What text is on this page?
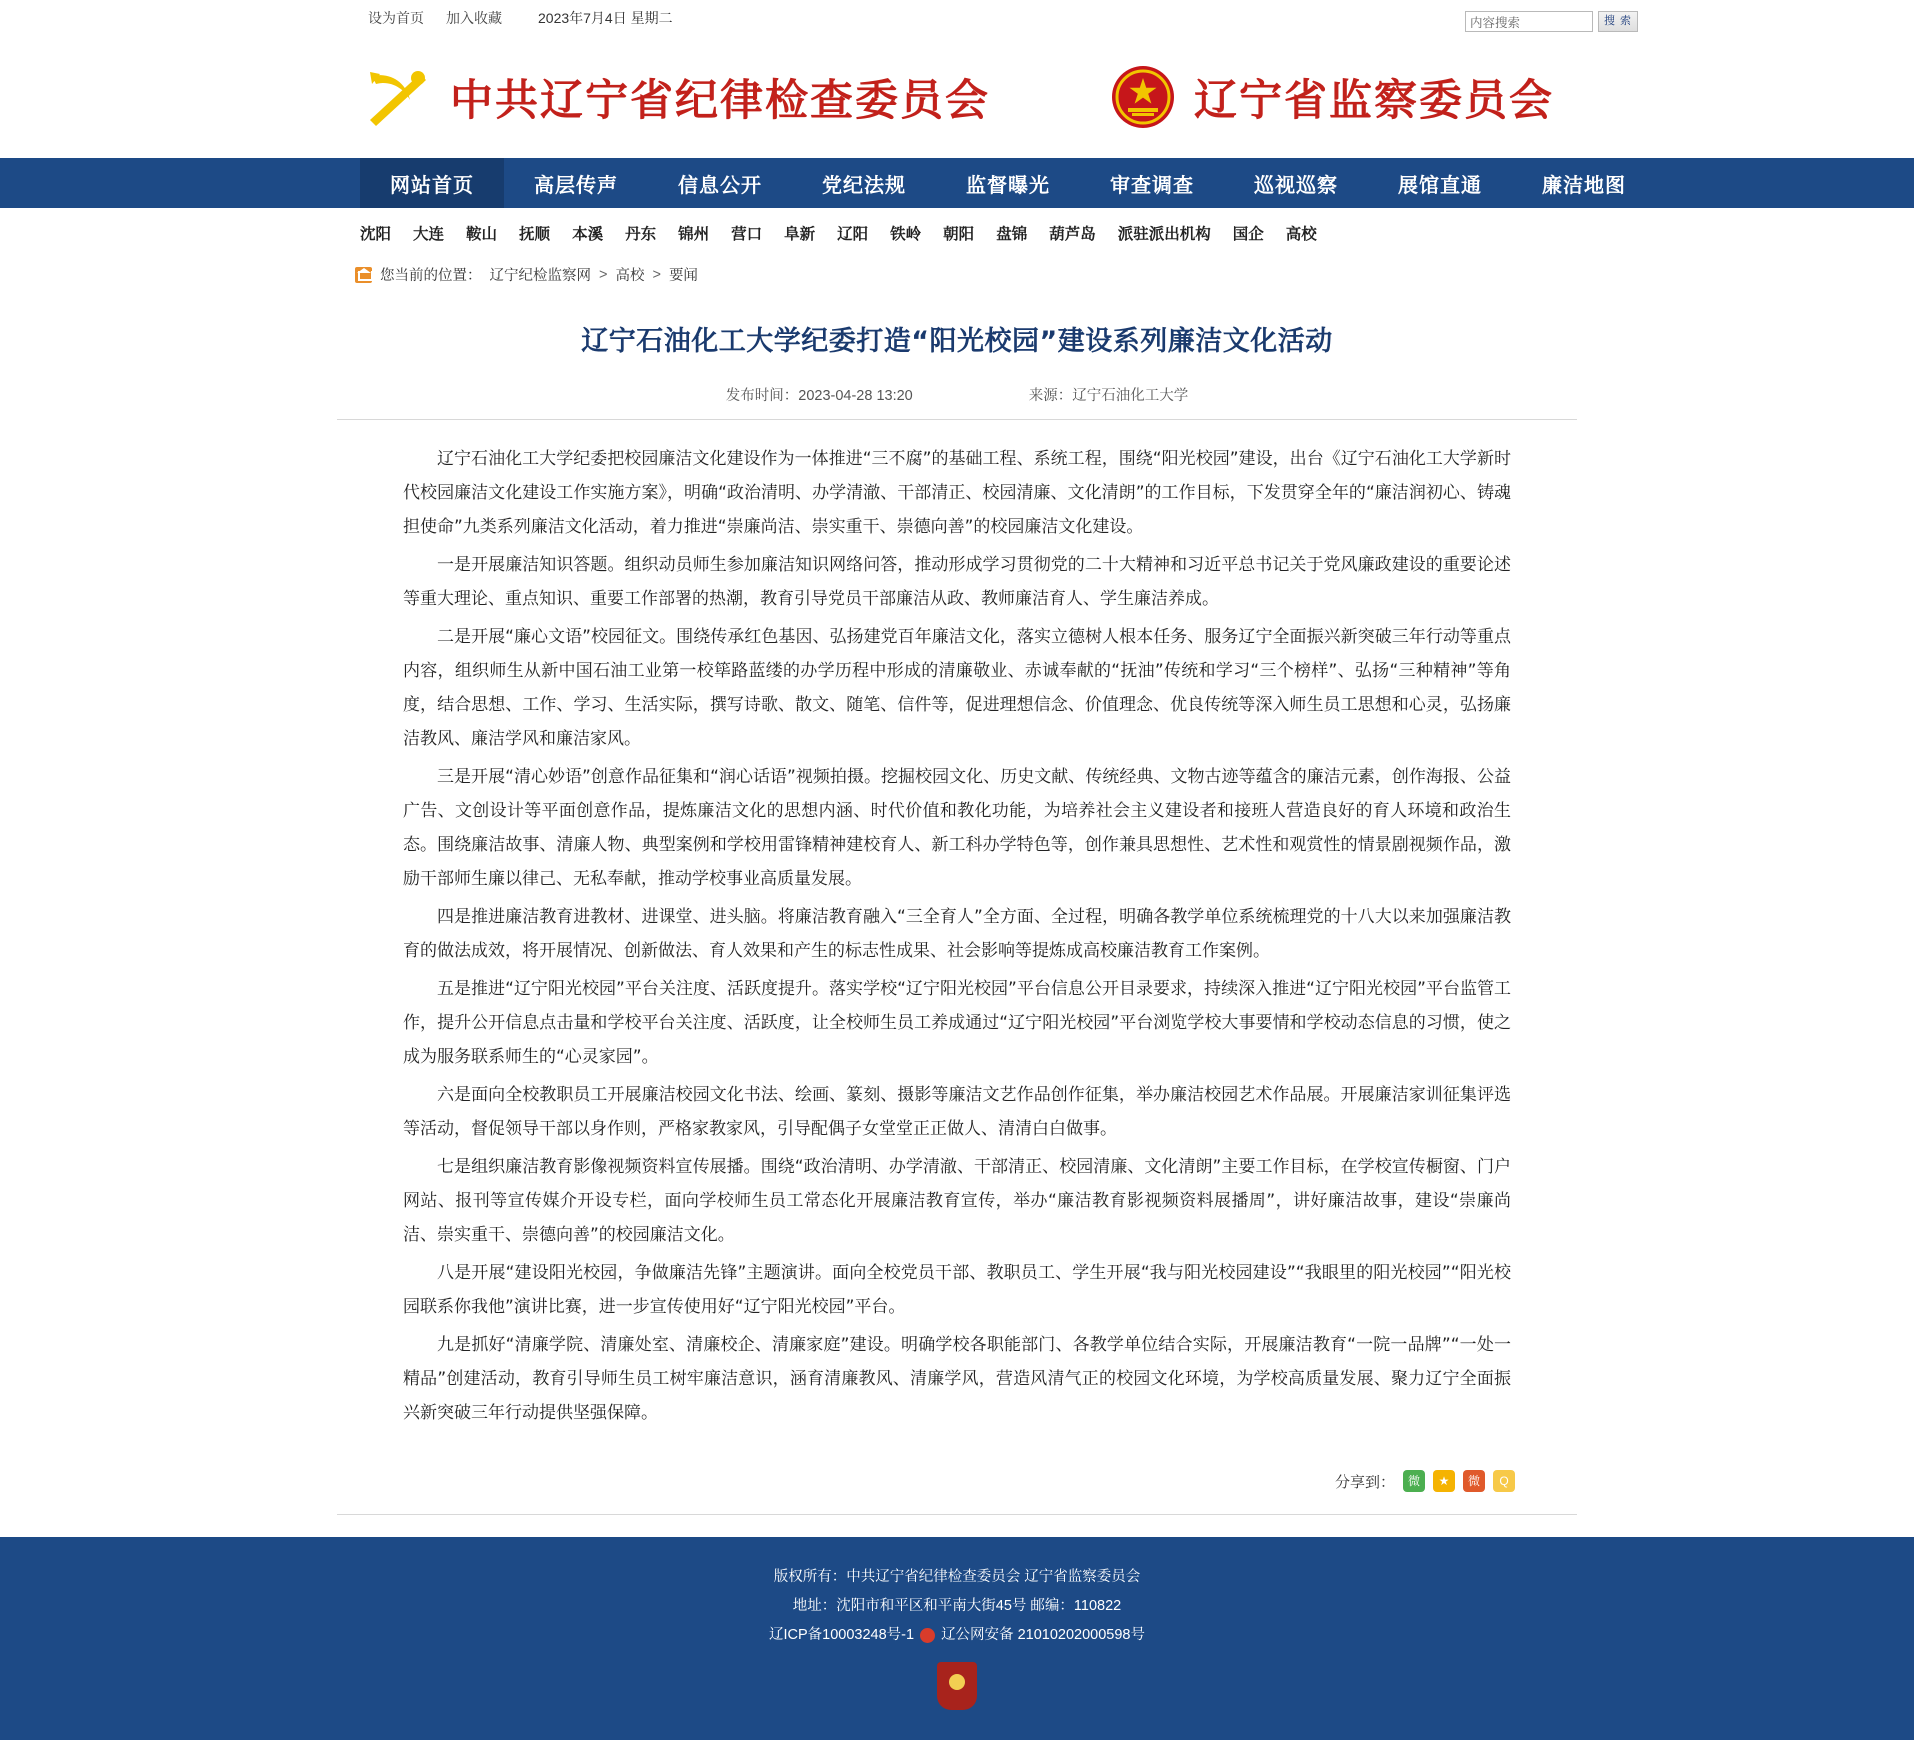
设为首页 加入收藏	2023年7月4日 星期二
内容搜索	搜 索
中共辽宁省纪律检查委员会	辽宁省监察委员会
网站首页	高层传声	信息公开	党纪法规	监督曝光	审查调查	巡视巡察	展馆直通	廉洁地图
沈阳 大连 鞍山 抚顺 本溪 丹东 锦州 营口 阜新 辽阳 铁岭 朝阳 盘锦 葫芦岛 派驻派出机构 国企 高校
您当前的位置： 辽宁纪检监察网 > 高校 > 要闻
辽宁石油化工大学纪委打造“阳光校园”建设系列廉洁文化活动
发布时间：2023-04-28 13:20	来源：辽宁石油化工大学

辽宁石油化工大学纪委把校园廉洁文化建设作为一体推进“三不腐”的基础工程、系统工程，围绕“阳光校园”建设，出台《辽宁石油化工大学新时代校园廉洁文化建设工作实施方案》，明确“政治清明、办学清澈、干部清正、校园清廉、文化清朗”的工作目标，下发贯穿全年的“廉洁润初心、铸魂担使命”九类系列廉洁文化活动，着力推进“崇廉尚洁、崇实重干、崇德向善”的校园廉洁文化建设。

一是开展廉洁知识答题。组织动员师生参加廉洁知识网络问答，推动形成学习贯彻党的二十大精神和习近平总书记关于党风廉政建设的重要论述等重大理论、重点知识、重要工作部署的热潮，教育引导党员干部廉洁从政、教师廉洁育人、学生廉洁养成。

二是开展“廉心文语”校园征文。围绕传承红色基因、弘扬建党百年廉洁文化，落实立德树人根本任务、服务辽宁全面振兴新突破三年行动等重点内容，组织师生从新中国石油工业第一校筚路蓝缕的办学历程中形成的清廉敬业、赤诚奉献的“抚油”传统和学习“三个榜样”、弘扬“三种精神”等角度，结合思想、工作、学习、生活实际，撰写诗歌、散文、随笔、信件等，促进理想信念、价值理念、优良传统等深入师生员工思想和心灵，弘扬廉洁教风、廉洁学风和廉洁家风。

三是开展“清心妙语”创意作品征集和“润心话语”视频拍摄。挖掘校园文化、历史文献、传统经典、文物古迹等蕴含的廉洁元素，创作海报、公益广告、文创设计等平面创意作品，提炼廉洁文化的思想内涵、时代价值和教化功能，为培养社会主义建设者和接班人营造良好的育人环境和政治生态。围绕廉洁故事、清廉人物、典型案例和学校用雷锋精神建校育人、新工科办学特色等，创作兼具思想性、艺术性和观赏性的情景剧视频作品，激励干部师生廉以律己、无私奉献，推动学校事业高质量发展。

四是推进廉洁教育进教材、进课堂、进头脑。将廉洁教育融入“三全育人”全方面、全过程，明确各教学单位系统梳理党的十八大以来加强廉洁教育的做法成效，将开展情况、创新做法、育人效果和产生的标志性成果、社会影响等提炼成高校廉洁教育工作案例。

五是推进“辽宁阳光校园”平台关注度、活跃度提升。落实学校“辽宁阳光校园”平台信息公开目录要求，持续深入推进“辽宁阳光校园”平台监管工作，提升公开信息点击量和学校平台关注度、活跃度，让全校师生员工养成通过“辽宁阳光校园”平台浏览学校大事要情和学校动态信息的习惯，使之成为服务联系师生的“心灵家园”。

六是面向全校教职员工开展廉洁校园文化书法、绘画、篆刻、摄影等廉洁文艺作品创作征集，举办廉洁校园艺术作品展。开展廉洁家训征集评选等活动，督促领导干部以身作则，严格家教家风，引导配偶子女堂堂正正做人、清清白白做事。

七是组织廉洁教育影像视频资料宣传展播。围绕“政治清明、办学清澈、干部清正、校园清廉、文化清朗”主要工作目标，在学校宣传橱窗、门户网站、报刊等宣传媒介开设专栏，面向学校师生员工常态化开展廉洁教育宣传，举办“廉洁教育影视频资料展播周”，讲好廉洁故事，建设“崇廉尚洁、崇实重干、崇德向善”的校园廉洁文化。

八是开展“建设阳光校园，争做廉洁先锋”主题演讲。面向全校党员干部、教职员工、学生开展“我与阳光校园建设”“我眼里的阳光校园”“阳光校园联系你我他”演讲比赛，进一步宣传使用好“辽宁阳光校园”平台。

九是抓好“清廉学院、清廉处室、清廉校企、清廉家庭”建设。明确学校各职能部门、各教学单位结合实际，开展廉洁教育“一院一品牌”“一处一精品”创建活动，教育引导师生员工树牢廉洁意识，涵育清廉教风、清廉学风，营造风清气正的校园文化环境，为学校高质量发展、聚力辽宁全面振兴新突破三年行动提供坚强保障。

分享到：	微	★	微	Q
版权所有：中共辽宁省纪律检查委员会 辽宁省监察委员会
地址：沈阳市和平区和平南大街45号 邮编：110822
辽ICP备10003248号-1 辽公网安备 21010202000598号
